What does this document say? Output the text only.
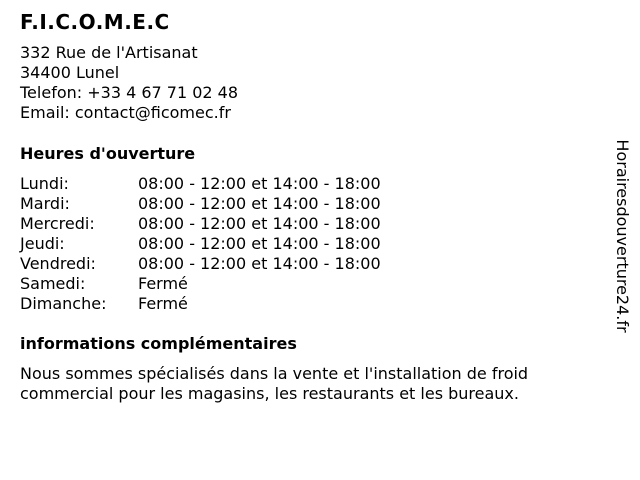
F.I.C.O.M.E.C
332 Rue de l'Artisanat
34400 Lunel
Telefon: +33 4 67 71 02 48
Email: contact@ficomec.fr
Heures d'ouverture
Lundi:	08:00 - 12:00 et 14:00 - 18:00
Mardi:	08:00 - 12:00 et 14:00 - 18:00
Mercredi:	08:00 - 12:00 et 14:00 - 18:00
Jeudi:	08:00 - 12:00 et 14:00 - 18:00
Vendredi:	08:00 - 12:00 et 14:00 - 18:00
Samedi:	Fermé
Dimanche:	Fermé
informations complémentaires
Nous sommes spécialisés dans la vente et l'installation de froid commercial pour les magasins, les restaurants et les bureaux.
Horairesdouverture24.fr
